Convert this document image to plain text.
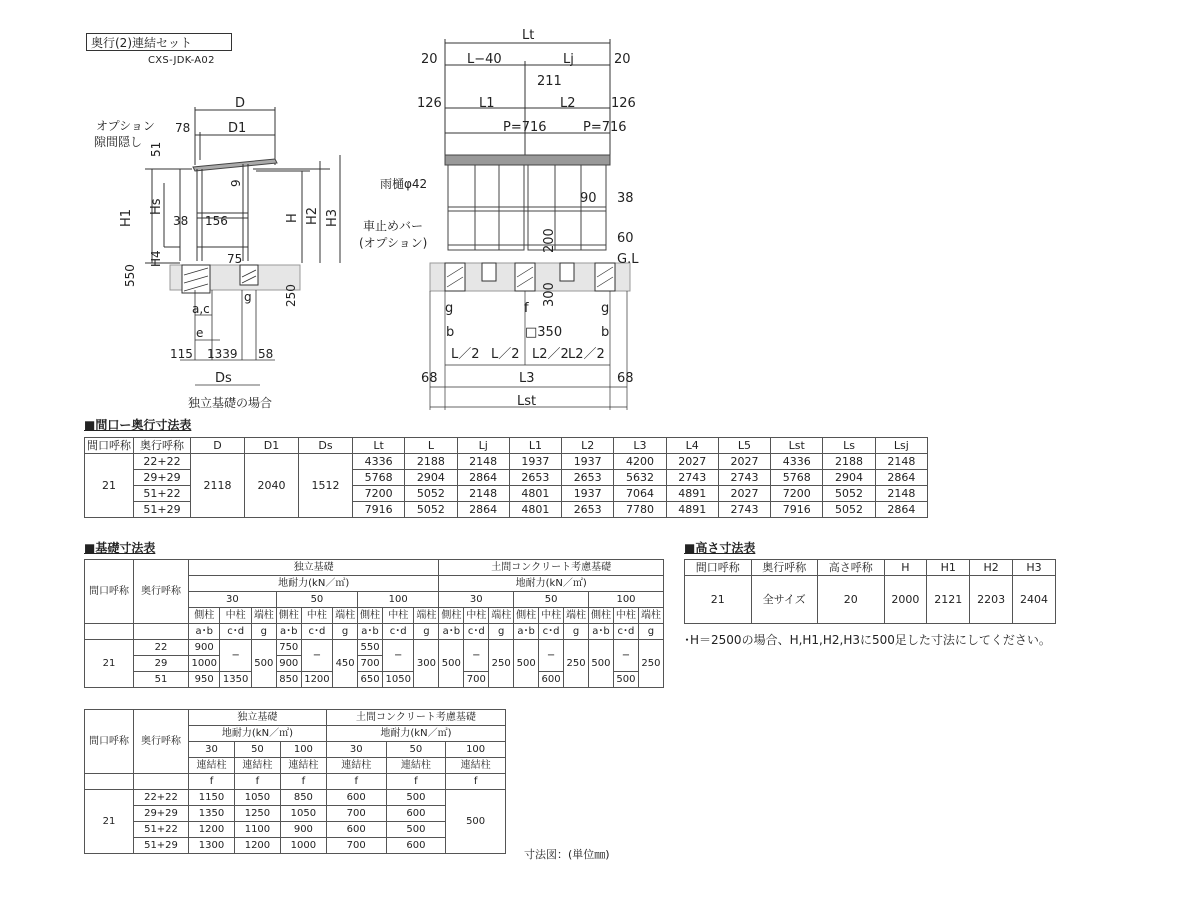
奥行(2)連結セット
CXS-JDK-A02
D
D1
78
オプション
隙間隠し 51
9
H1
Hs
38 156	H H2 H3
H4	75
550
250
g
a,c
e
115 1339 58
Ds
独立基礎の場合
Lt
20 L−40	Lj	20
211
126	L1	L2	126
P=716	P=716
雨樋φ42
90 38
車止めバー
(オプション)	200	60
G.L
300
g	f	g
□350
b	b
L／2 L／2 L2／2 L2／2
68	L3	68
Lst
■間口ー奥行寸法表
間口呼称	奥行呼称	D	D1	Ds	Lt	L	Lj	L1	L2	L3	L4	L5	Lst	Ls	Lsj
21	22+22	2118	2040	1512	4336	2188	2148	1937	1937	4200	2027	2027	4336	2188	2148
	29+29				5768	2904	2864	2653	2653	5632	2743	2743	5768	2904	2864
	51+22				7200	5052	2148	4801	1937	7064	4891	2027	7200	5052	2148
	51+29				7916	5052	2864	4801	2653	7780	4891	2743	7916	5052	2864
■基礎寸法表
間口呼称	奥行呼称	独立基礎									土間コンクリート考慮基礎								
		地耐力(kN／㎡)									地耐力(kN／㎡)								
		30			50			100			30			50			100		
		側柱	中柱	端柱	側柱	中柱	端柱	側柱	中柱	端柱	側柱	中柱	端柱	側柱	中柱	端柱	側柱	中柱	端柱
		a･b	c･d	g	a･b	c･d	g	a･b	c･d	g	a･b	c･d	g	a･b	c･d	g	a･b	c･d	g
21	22	900	−	500	750	−	450	550	−	300	500	−	250	500	−	250	500	−	250
	29	1000			900			700											
	51	950	1350		850	1200		650	1050			700			600			500	
■高さ寸法表
間口呼称	奥行呼称	高さ呼称	H	H1	H2	H3
21	全サイズ	20	2000	2121	2203	2404
･H＝2500の場合、H,H1,H2,H3に500足した寸法にしてください。
間口呼称	奥行呼称	独立基礎			土間コンクリート考慮基礎		
		地耐力(kN／㎡)			地耐力(kN／㎡)		
		30	50	100	30	50	100
		連結柱	連結柱	連結柱	連結柱	連結柱	連結柱
		f	f	f	f	f	f
21	22+22	1150	1050	850	600	500	500
	29+29	1350	1250	1050	700	600	
	51+22	1200	1100	900	600	500	
	51+29	1300	1200	1000	700	600	
寸法図：(単位㎜)
